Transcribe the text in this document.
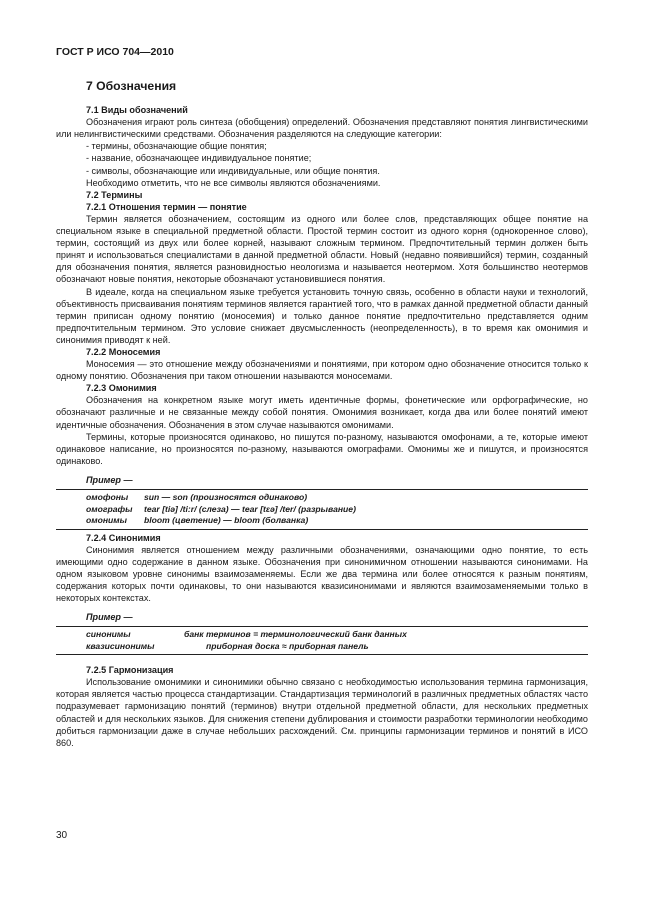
ГОСТ Р ИСО 704—2010
7 Обозначения
7.1 Виды обозначений

Обозначения играют роль синтеза (обобщения) определений. Обозначения представляют понятия лингвистическими или нелингвистическими средствами. Обозначения разделяются на следующие категории:

- термины, обозначающие общие понятия;
- название, обозначающее индивидуальное понятие;
- символы, обозначающие или индивидуальные, или общие понятия.

Необходимо отметить, что не все символы являются обозначениями.

7.2 Термины
7.2.1 Отношения термин — понятие

Термин является обозначением, состоящим из одного или более слов, представляющих общее понятие на специальном языке в специальной предметной области. Простой термин состоит из одного корня (однокоренное слово), термин, состоящий из двух или более корней, называют сложным термином. Предпочтительный термин должен быть принят и использоваться специалистами в данной предметной области. Новый (недавно появившийся) термин, созданный для обозначения понятия, является разновидностью неологизма и называется неотермом. Хотя большинство неотермов обозначают новые понятия, некоторые обозначают установившиеся понятия.

В идеале, когда на специальном языке требуется установить точную связь, особенно в области науки и технологий, объективность присваивания понятиям терминов является гарантией того, что в рамках данной предметной области данный термин приписан одному понятию (моносемия) и только данное понятие предпочтительно представляется одним предпочтительным термином. Это условие снижает двусмысленность (неопределенность), в то время как омонимия и синонимия приводят к ней.

7.2.2 Моносемия

Моносемия — это отношение между обозначениями и понятиями, при котором одно обозначение относится только к одному понятию. Обозначения при таком отношении называются моносемами.

7.2.3 Омонимия

Обозначения на конкретном языке могут иметь идентичные формы, фонетические или орфографические, но обозначают различные и не связанные между собой понятия. Омонимия возникает, когда два или более понятий имеют идентичные обозначения. Обозначения в этом случае называются омонимами.

Термины, которые произносятся одинаково, но пишутся по-разному, называются омофонами, а те, которые имеют одинаковое написание, но произносятся по-разному, называются омографами. Омонимы же и пишутся, и произносятся одинаково.

Пример —
омофоны	sun — son (произносятся одинаково)
омографы	tear [tiə] /ti:r/ (слеза) — tear [tɛə] /ter/ (разрывание)
омонимы	bloom (цветение) — bloom (болванка)
7.2.4 Синонимия

Синонимия является отношением между различными обозначениями, означающими одно понятие, то есть имеющими одно содержание в данном языке. Обозначения при синонимичном отношении называются синонимами. На одном языковом уровне синонимы взаимозаменяемы. Если же два термина или более относятся к разным понятиям, содержания которых почти одинаковы, то они называются квазисинонимами и являются взаимозаменяемыми только в некоторых контекстах.

Пример —
синонимы	банк терминов = терминологический банк данных
квазисинонимы	приборная доска ≈ приборная панель
7.2.5 Гармонизация

Использование омонимики и синонимики обычно связано с необходимостью использования термина гармонизация, которая является частью процесса стандартизации. Стандартизация терминологий в различных предметных областях часто подразумевает гармонизацию понятий (терминов) внутри отдельной предметной области, для нескольких предметных областей и для нескольких языков. Для снижения степени дублирования и стоимости разработки терминологии необходимо добиться гармонизации даже в случае небольших расхождений. См. принципы гармонизации терминов и понятий в ИСО 860.

30
